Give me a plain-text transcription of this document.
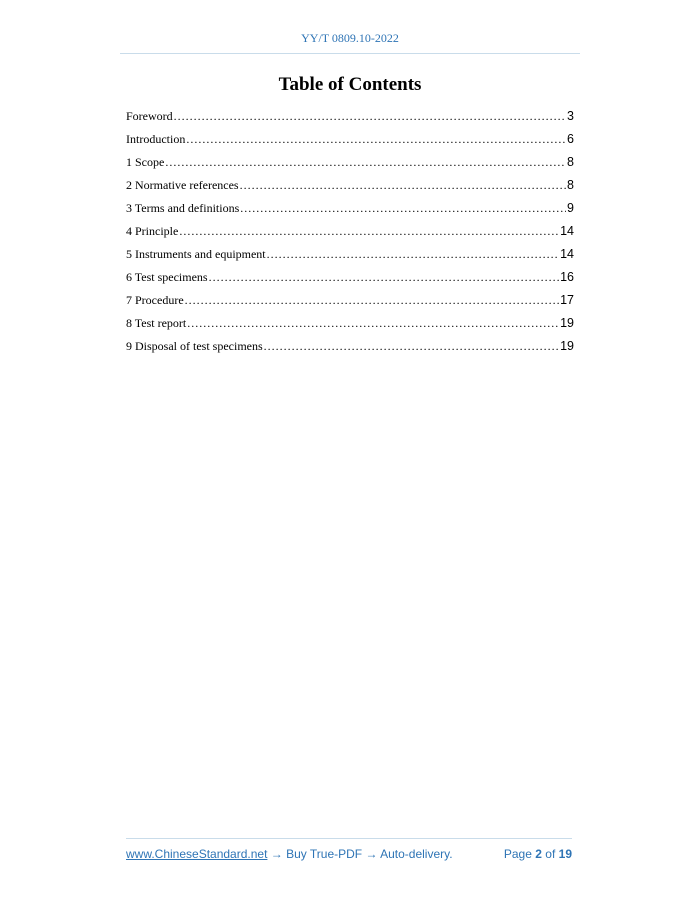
YY/T 0809.10-2022
Table of Contents
Foreword .....	3
Introduction .....	6
1 Scope .....	8
2 Normative references .....	8
3 Terms and definitions .....	9
4 Principle .....	14
5 Instruments and equipment .....	14
6 Test specimens .....	16
7 Procedure .....	17
8 Test report .....	19
9 Disposal of test specimens .....	19
www.ChineseStandard.net → Buy True-PDF → Auto-delivery.	Page 2 of 19
